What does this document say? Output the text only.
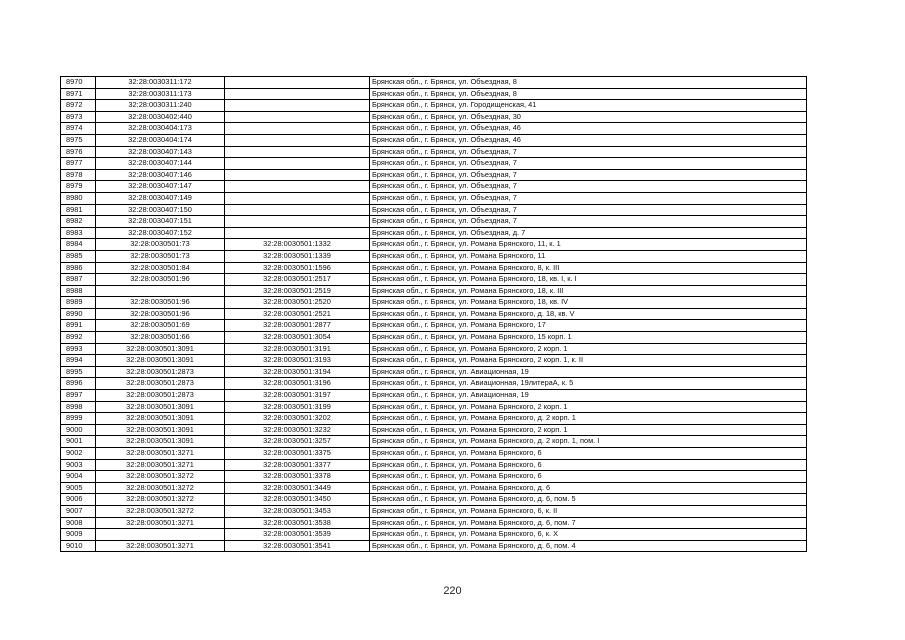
8970	32:28:0030311:172		Брянская обл., г. Брянск, ул. Объездная, 8
8971	32:28:0030311:173		Брянская обл., г. Брянск, ул. Объездная, 8
8972	32:28:0030311:240		Брянская обл., г. Брянск, ул. Городищенская, 41
8973	32:28:0030402:440		Брянская обл., г. Брянск, ул. Объездная, 30
8974	32:28:0030404:173		Брянская обл., г. Брянск, ул. Объездная, 46
8975	32:28:0030404:174		Брянская обл., г. Брянск, ул. Объездная, 46
8976	32:28:0030407:143		Брянская обл., г. Брянск, ул. Объездная, 7
8977	32:28:0030407:144		Брянская обл., г. Брянск, ул. Объездная, 7
8978	32:28:0030407:146		Брянская обл., г. Брянск, ул. Объездная, 7
8979	32:28:0030407:147		Брянская обл., г. Брянск, ул. Объездная, 7
8980	32:28:0030407:149		Брянская обл., г. Брянск, ул. Объездная, 7
8981	32:28:0030407:150		Брянская обл., г. Брянск, ул. Объездная, 7
8982	32:28:0030407:151		Брянская обл., г. Брянск, ул. Объездная, 7
8983	32:28:0030407:152		Брянская обл., г. Брянск, ул. Объездная, д. 7
8984	32:28:0030501:73	32:28:0030501:1332	Брянская обл., г. Брянск, ул. Романа Брянского, 11, к. 1
8985	32:28:0030501:73	32:28:0030501:1339	Брянская обл., г. Брянск, ул. Романа Брянского, 11
8986	32:28:0030501:84	32:28:0030501:1596	Брянская обл., г. Брянск, ул. Романа Брянского, 8, к. III
8987	32:28:0030501:96	32:28:0030501:2517	Брянская обл., г. Брянск, ул. Романа Брянского, 18, кв. I, к. I
8988		32:28:0030501:2519	Брянская обл., г. Брянск, ул. Романа Брянского, 18, к. III
8989	32:28:0030501:96	32:28:0030501:2520	Брянская обл., г. Брянск, ул. Романа Брянского, 18, кв. IV
8990	32:28:0030501:96	32:28:0030501:2521	Брянская обл., г. Брянск, ул. Романа Брянского, д. 18, кв. V
8991	32:28:0030501:69	32:28:0030501:2877	Брянская обл., г. Брянск, ул. Романа Брянского, 17
8992	32:28:0030501:66	32:28:0030501:3054	Брянская обл., г. Брянск, ул. Романа Брянского, 15 корп. 1
8993	32:28:0030501:3091	32:28:0030501:3191	Брянская обл., г. Брянск, ул. Романа Брянского, 2 корп. 1
8994	32:28:0030501:3091	32:28:0030501:3193	Брянская обл., г. Брянск, ул. Романа Брянского, 2 корп. 1, к. II
8995	32:28:0030501:2873	32:28:0030501:3194	Брянская обл., г. Брянск, ул. Авиационная, 19
8996	32:28:0030501:2873	32:28:0030501:3196	Брянская обл., г. Брянск, ул. Авиационная, 19литераА, к. 5
8997	32:28:0030501:2873	32:28:0030501:3197	Брянская обл., г. Брянск, ул. Авиационная, 19
8998	32:28:0030501:3091	32:28:0030501:3199	Брянская обл., г. Брянск, ул. Романа Брянского, 2 корп. 1
8999	32:28:0030501:3091	32:28:0030501:3202	Брянская обл., г. Брянск, ул. Романа Брянского, д. 2 корп. 1
9000	32:28:0030501:3091	32:28:0030501:3232	Брянская обл., г. Брянск, ул. Романа Брянского, 2 корп. 1
9001	32:28:0030501:3091	32:28:0030501:3257	Брянская обл., г. Брянск, ул. Романа Брянского, д. 2 корп. 1, пом. I
9002	32:28:0030501:3271	32:28:0030501:3375	Брянская обл., г. Брянск, ул. Романа Брянского, 6
9003	32:28:0030501:3271	32:28:0030501:3377	Брянская обл., г. Брянск, ул. Романа Брянского, 6
9004	32:28:0030501:3272	32:28:0030501:3378	Брянская обл., г. Брянск, ул. Романа Брянского, 6
9005	32:28:0030501:3272	32:28:0030501:3449	Брянская обл., г. Брянск, ул. Романа Брянского, д. 6
9006	32:28:0030501:3272	32:28:0030501:3450	Брянская обл., г. Брянск, ул. Романа Брянского, д. 6, пом. 5
9007	32:28:0030501:3272	32:28:0030501:3453	Брянская обл., г. Брянск, ул. Романа Брянского, 6, к. II
9008	32:28:0030501:3271	32:28:0030501:3538	Брянская обл., г. Брянск, ул. Романа Брянского, д. 6, пом. 7
9009		32:28:0030501:3539	Брянская обл., г. Брянск, ул. Романа Брянского, 6, к. X
9010	32:28:0030501:3271	32:28:0030501:3541	Брянская обл., г. Брянск, ул. Романа Брянского, д. 6, пом. 4
220
